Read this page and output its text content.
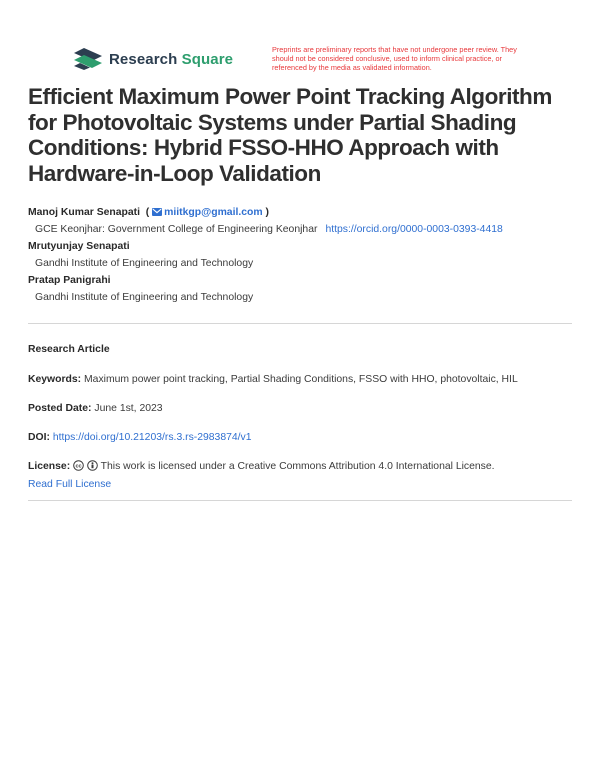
Research Square
Preprints are preliminary reports that have not undergone peer review. They should not be considered conclusive, used to inform clinical practice, or referenced by the media as validated information.
Efficient Maximum Power Point Tracking Algorithm for Photovoltaic Systems under Partial Shading Conditions: Hybrid FSSO-HHO Approach with Hardware-in-Loop Validation
Manoj Kumar Senapati  ( miitkgp@gmail.com )
GCE Keonjhar: Government College of Engineering Keonjhar https://orcid.org/0000-0003-0393-4418
Mrutyunjay Senapati
Gandhi Institute of Engineering and Technology
Pratap Panigrahi
Gandhi Institute of Engineering and Technology
Research Article
Keywords: Maximum power point tracking, Partial Shading Conditions, FSSO with HHO, photovoltaic, HIL
Posted Date: June 1st, 2023
DOI: https://doi.org/10.21203/rs.3.rs-2983874/v1
License: cc This work is licensed under a Creative Commons Attribution 4.0 International License.
Read Full License
